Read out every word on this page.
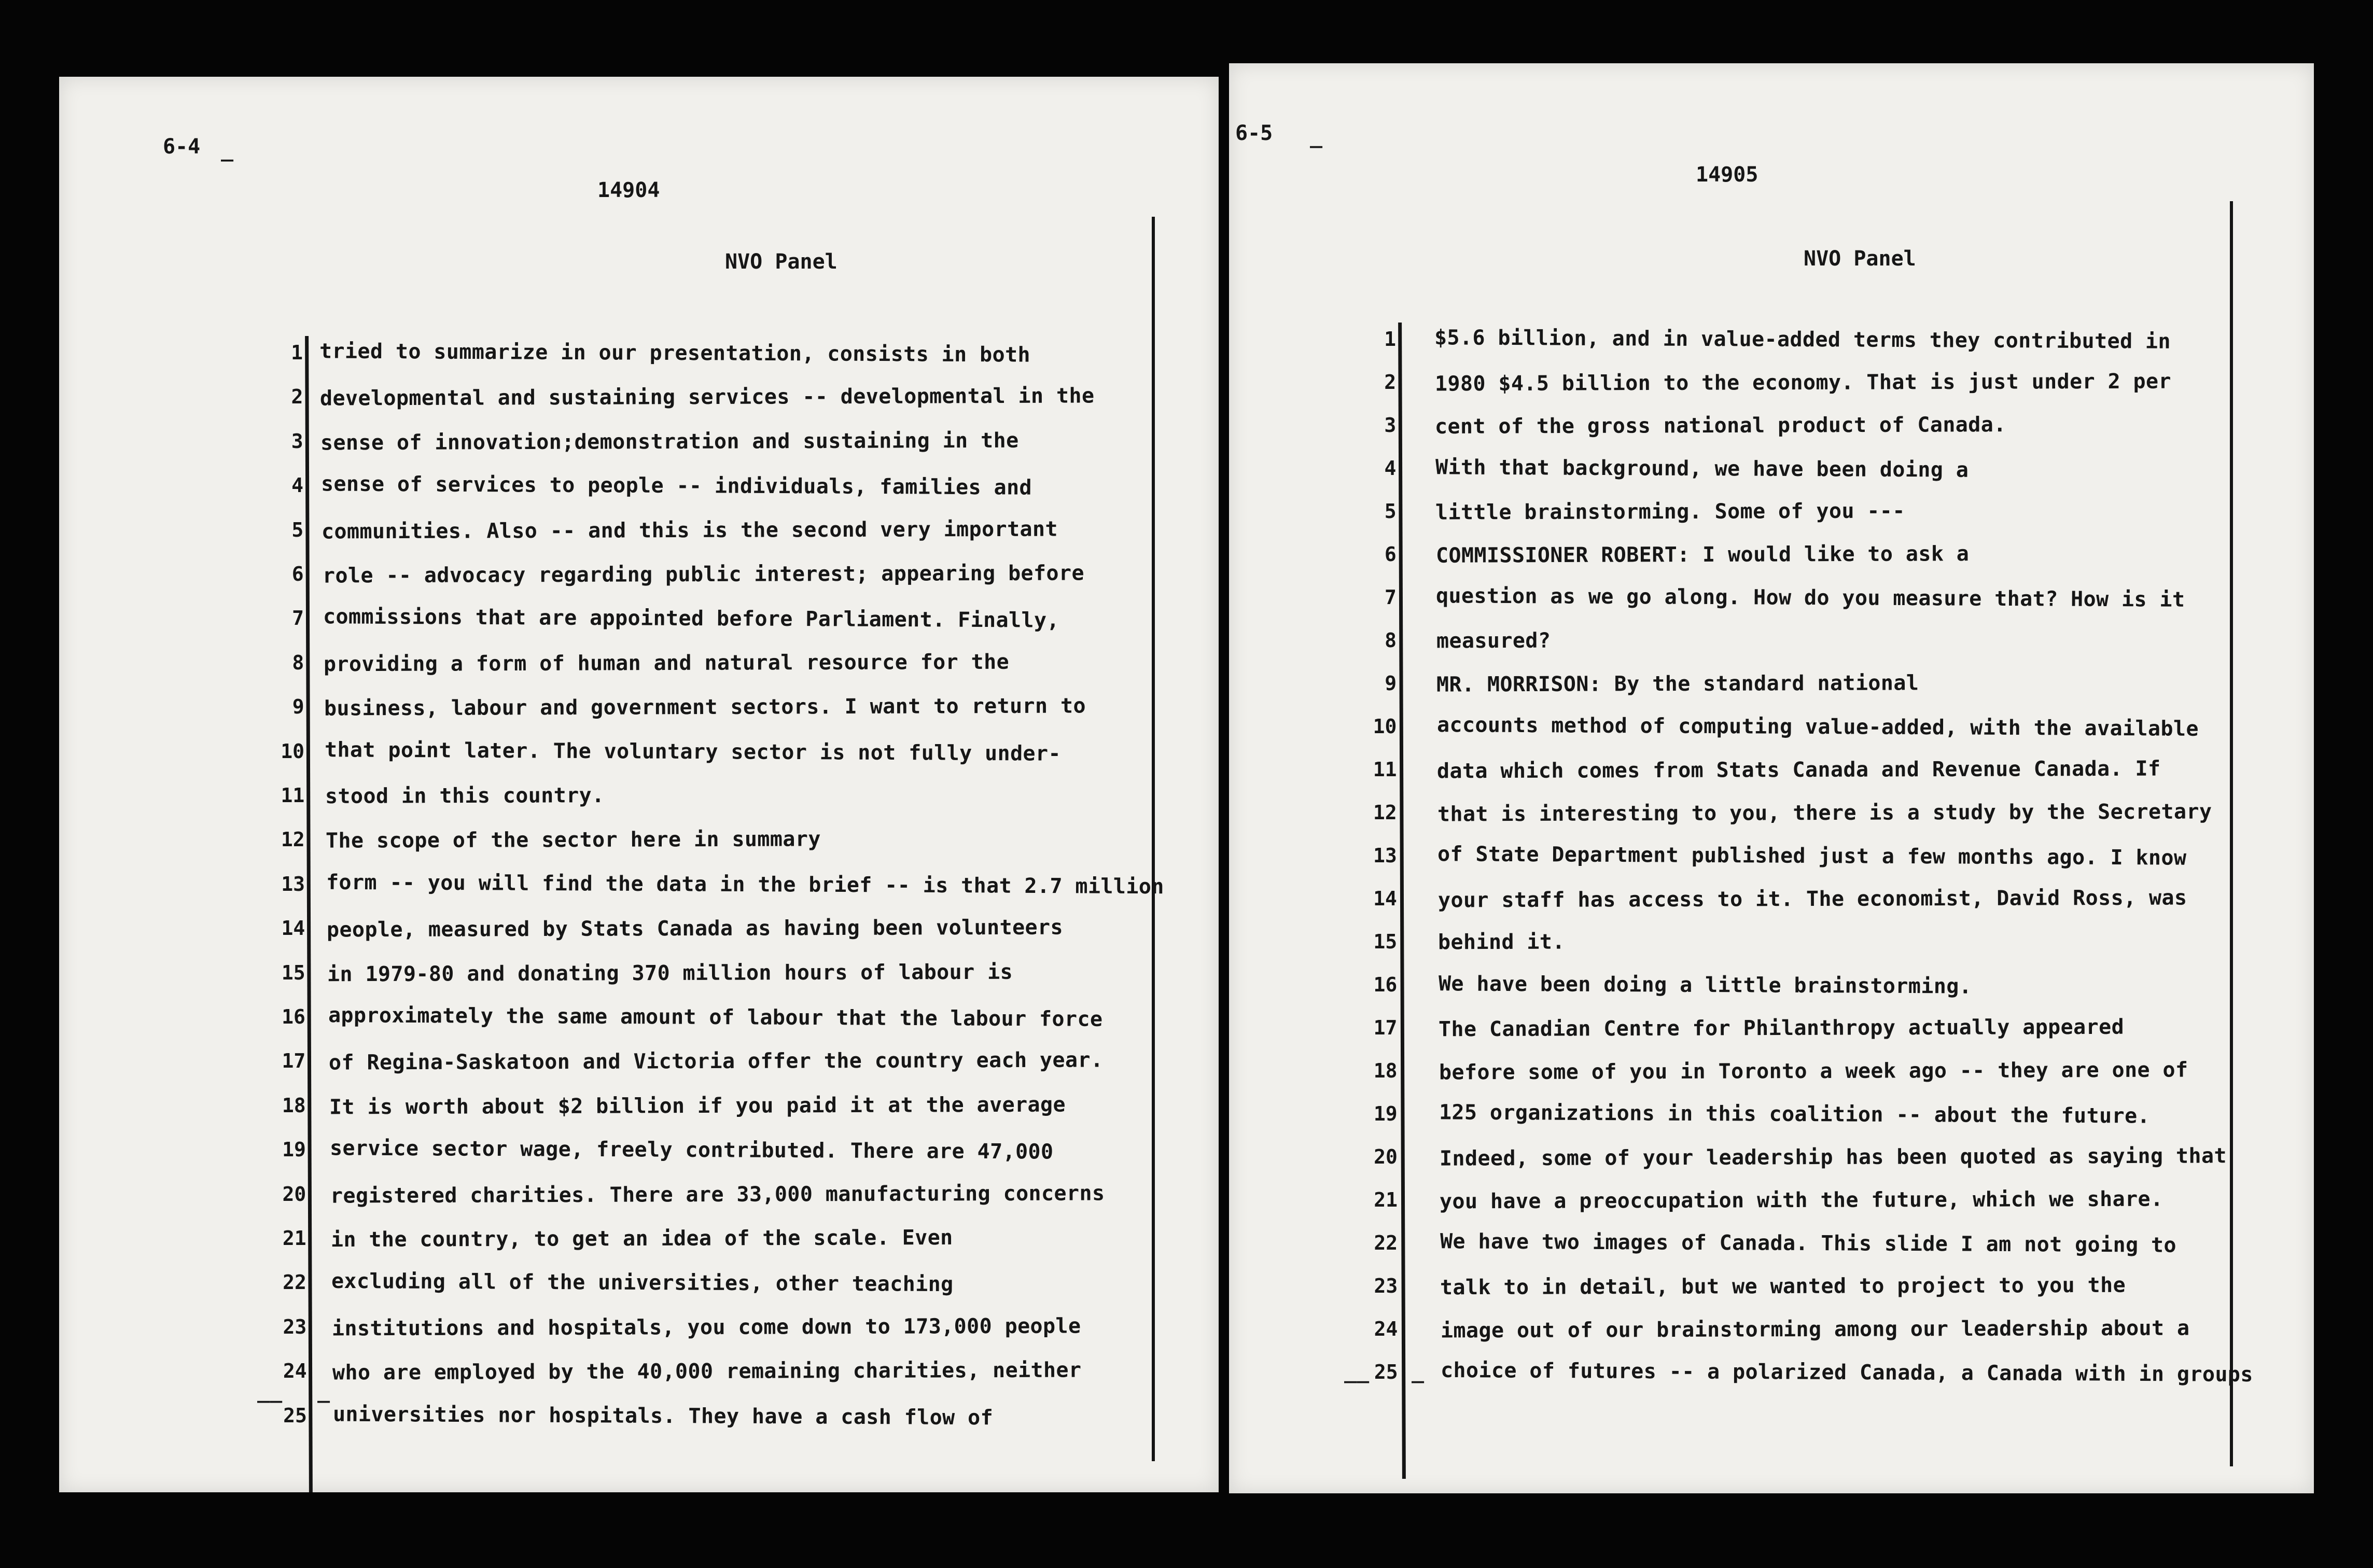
6-4 _
14904
NVO Panel
1 tried to summarize in our presentation, consists in both
2 developmental and sustaining services -- developmental in the
3 sense of innovation;demonstration and sustaining in the
4 sense of services to people -- individuals, families and
5 communities. Also -- and this is the second very important
6 role -- advocacy regarding public interest; appearing before
7 commissions that are appointed before Parliament. Finally,
8 providing a form of human and natural resource for the
9 business, labour and government sectors. I want to return to
10 that point later. The voluntary sector is not fully under-
11 stood in this country.
12 The scope of the sector here in summary
13 form -- you will find the data in the brief -- is that 2.7 million
14 people, measured by Stats Canada as having been volunteers
15 in 1979-80 and donating 370 million hours of labour is
16 approximately the same amount of labour that the labour force
17 of Regina-Saskatoon and Victoria offer the country each year.
18 It is worth about $2 billion if you paid it at the average
19 service sector wage, freely contributed. There are 47,000
20 registered charities. There are 33,000 manufacturing concerns
21 in the country, to get an idea of the scale. Even
22 excluding all of the universities, other teaching
23 institutions and hospitals, you come down to 173,000 people
24 who are employed by the 40,000 remaining charities, neither
25 universities nor hospitals. They have a cash flow of
__ _
6-5 _
14905
NVO Panel
1 $5.6 billion, and in value-added terms they contributed in
2 1980 $4.5 billion to the economy. That is just under 2 per
3 cent of the gross national product of Canada.
4 With that background, we have been doing a
5 little brainstorming. Some of you ---
6 COMMISSIONER ROBERT: I would like to ask a
7 question as we go along. How do you measure that? How is it
8 measured?
9 MR. MORRISON: By the standard national
10 accounts method of computing value-added, with the available
11 data which comes from Stats Canada and Revenue Canada. If
12 that is interesting to you, there is a study by the Secretary
13 of State Department published just a few months ago. I know
14 your staff has access to it. The economist, David Ross, was
15 behind it.
16 We have been doing a little brainstorming.
17 The Canadian Centre for Philanthropy actually appeared
18 before some of you in Toronto a week ago -- they are one of
19 125 organizations in this coalition -- about the future.
20 Indeed, some of your leadership has been quoted as saying that
21 you have a preoccupation with the future, which we share.
22 We have two images of Canada. This slide I am not going to
23 talk to in detail, but we wanted to project to you the
24 image out of our brainstorming among our leadership about a
25 choice of futures -- a polarized Canada, a Canada with in groups
__ _
